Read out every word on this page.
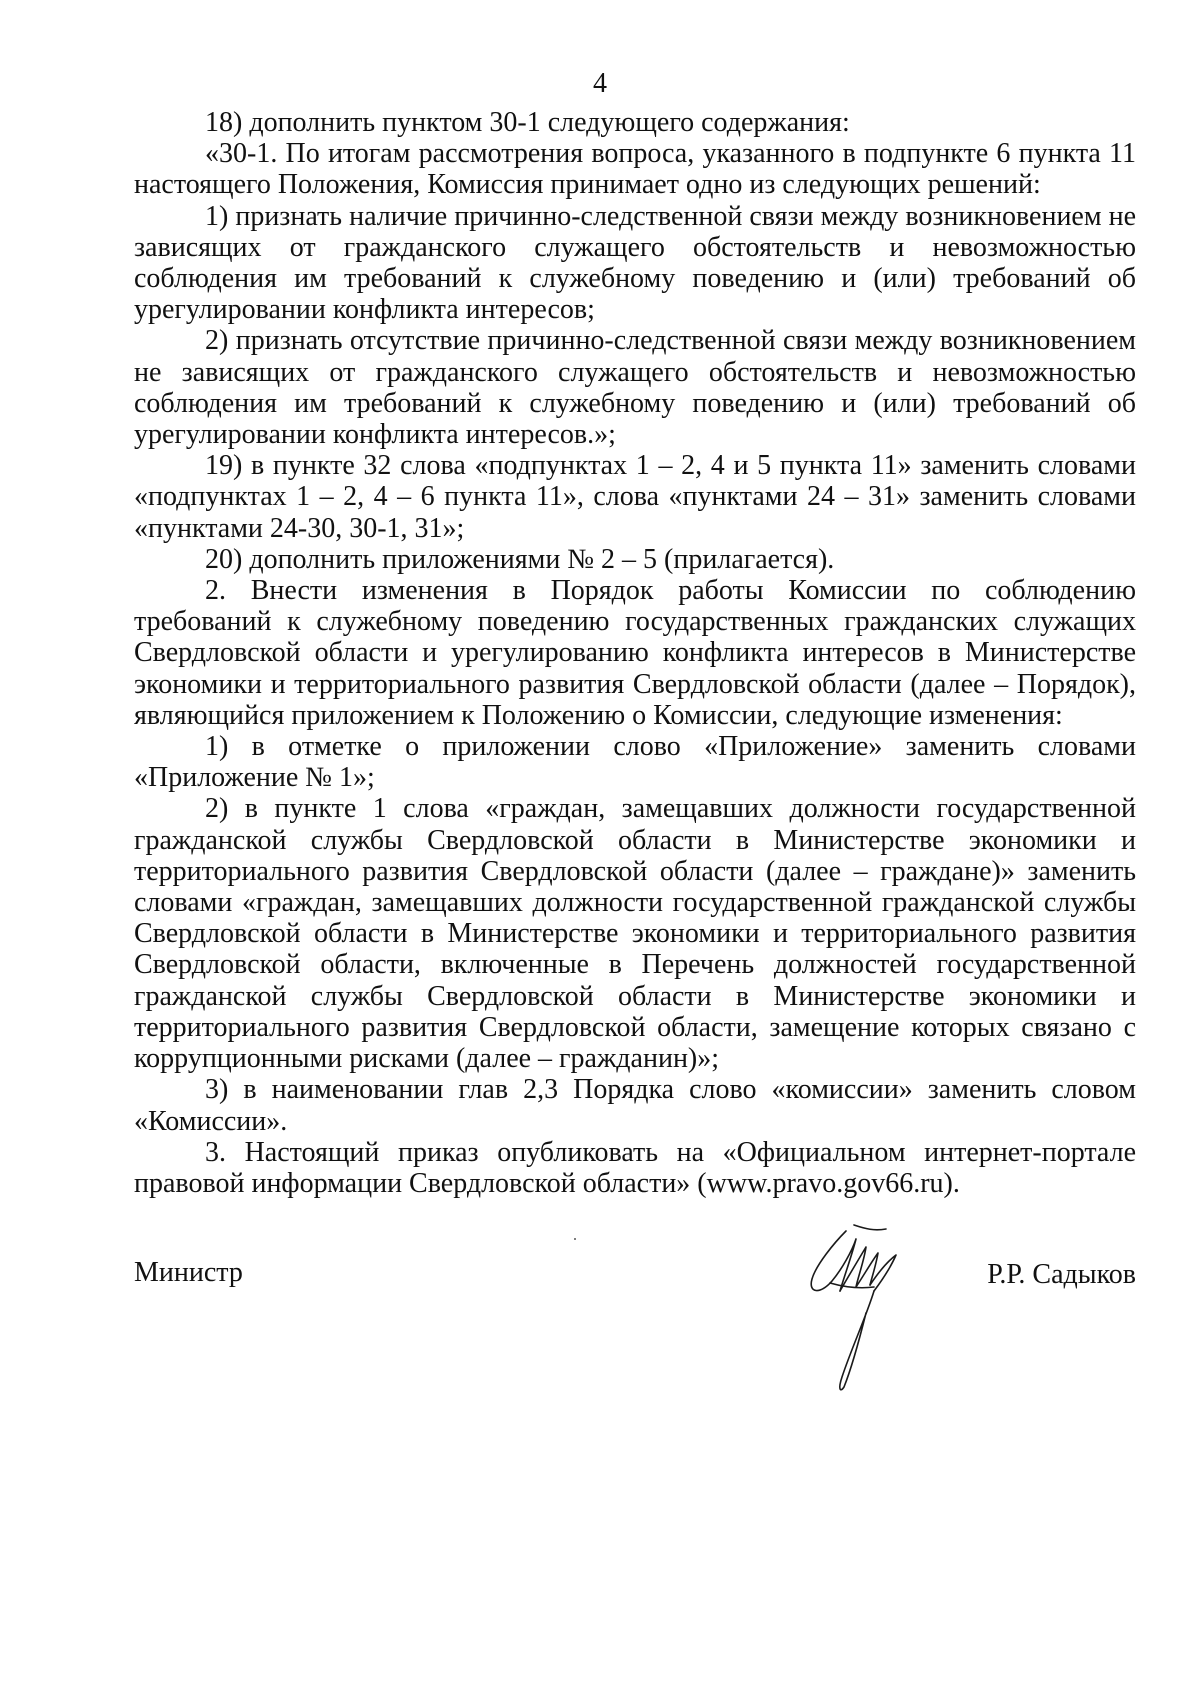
4

18) дополнить пунктом 30-1 следующего содержания:

«30-1. По итогам рассмотрения вопроса, указанного в подпункте 6 пункта 11 настоящего Положения, Комиссия принимает одно из следующих решений:

1) признать наличие причинно-следственной связи между возникновением не зависящих от гражданского служащего обстоятельств и невозможностью соблюдения им требований к служебному поведению и (или) требований об урегулировании конфликта интересов;

2) признать отсутствие причинно-следственной связи между возникновением не зависящих от гражданского служащего обстоятельств и невозможностью соблюдения им требований к служебному поведению и (или) требований об урегулировании конфликта интересов.»;

19) в пункте 32 слова «подпунктах 1 – 2, 4 и 5 пункта 11» заменить словами «подпунктах 1 – 2, 4 – 6 пункта 11», слова «пунктами 24 – 31» заменить словами «пунктами 24-30, 30-1, 31»;

20) дополнить приложениями № 2 – 5 (прилагается).

2. Внести изменения в Порядок работы Комиссии по соблюдению требований к служебному поведению государственных гражданских служащих Свердловской области и урегулированию конфликта интересов в Министерстве экономики и территориального развития Свердловской области (далее – Порядок), являющийся приложением к Положению о Комиссии, следующие изменения:

1) в отметке о приложении слово «Приложение» заменить словами «Приложение № 1»;

2) в пункте 1 слова «граждан, замещавших должности государственной гражданской службы Свердловской области в Министерстве экономики и территориального развития Свердловской области (далее – граждане)» заменить словами «граждан, замещавших должности государственной гражданской службы Свердловской области в Министерстве экономики и территориального развития Свердловской области, включенные в Перечень должностей государственной гражданской службы Свердловской области в Министерстве экономики и территориального развития Свердловской области, замещение которых связано с коррупционными рисками (далее – гражданин)»;

3) в наименовании глав 2,3 Порядка слово «комиссии» заменить словом «Комиссии».

3. Настоящий приказ опубликовать на «Официальном интернет-портале правовой информации Свердловской области» (www.pravo.gov66.ru).

Министр	Р.Р. Садыков
